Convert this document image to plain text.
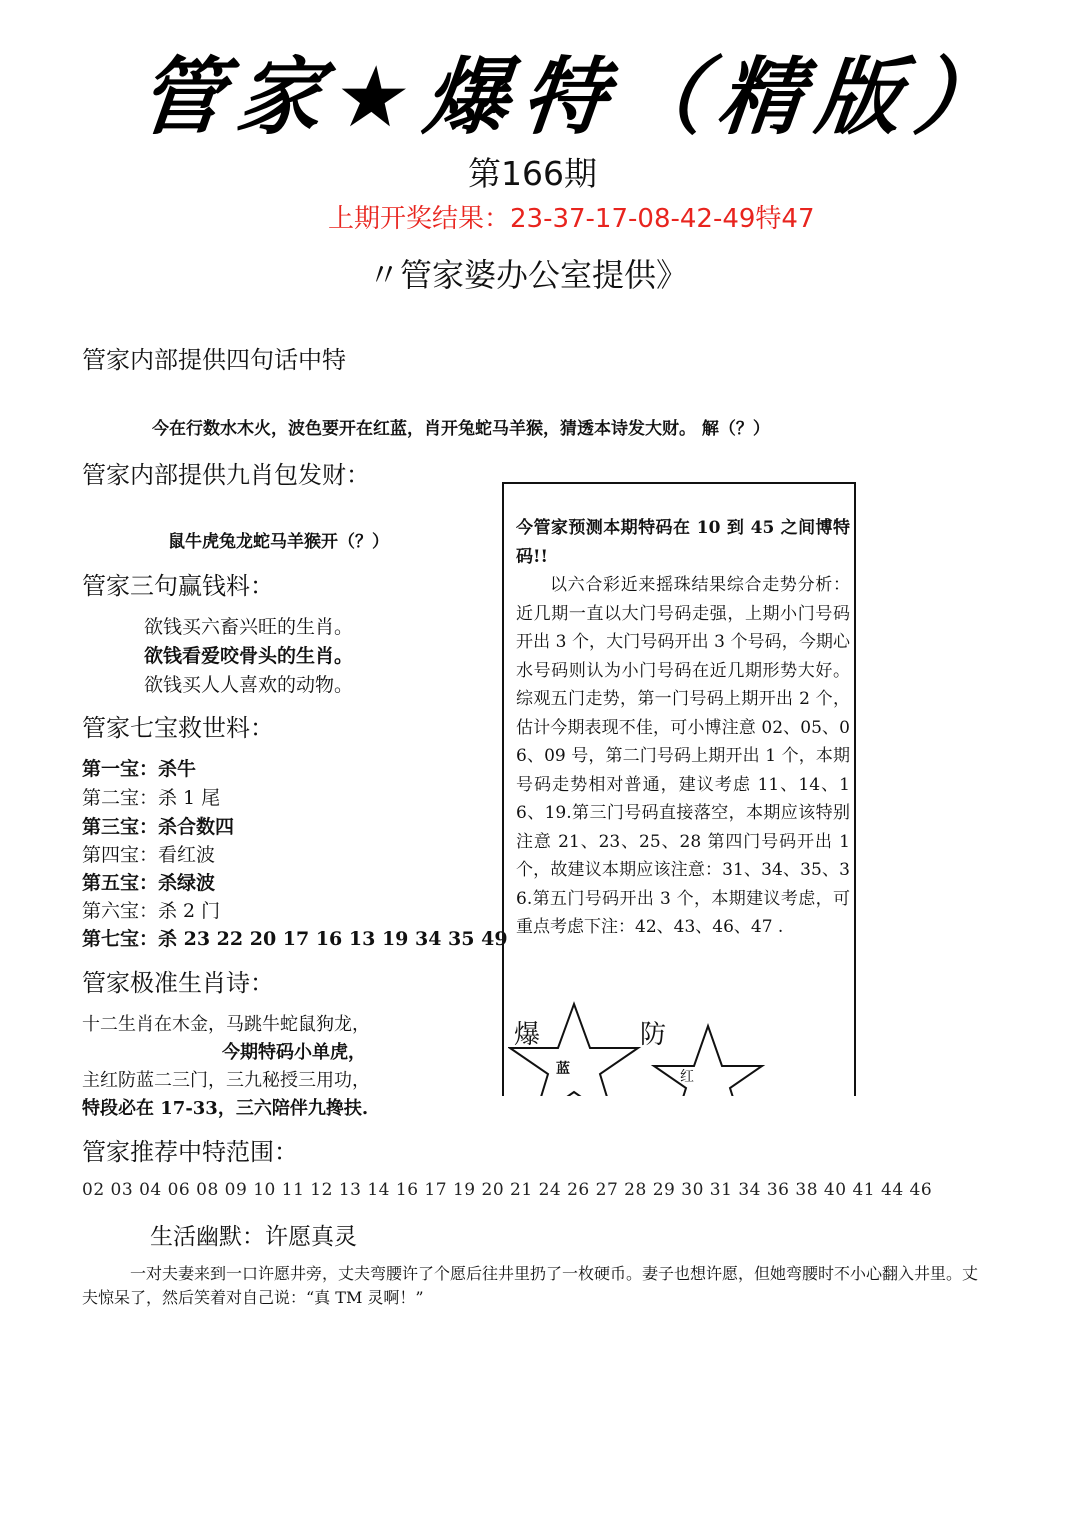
管家★爆特（精版）
第166期
上期开奖结果：23-37-17-08-42-49特47
〃管家婆办公室提供》
管家内部提供四句话中特
今在行数水木火，波色要开在红蓝，肖开兔蛇马羊猴，猜透本诗发大财。 解（？）
管家内部提供九肖包发财：
鼠牛虎兔龙蛇马羊猴开（？）
管家三句赢钱料：
欲钱买六畜兴旺的生肖。
欲钱看爱咬骨头的生肖。
欲钱买人人喜欢的动物。
管家七宝救世料：
第一宝：杀牛
第二宝：杀 1 尾
第三宝：杀合数四
第四宝：看红波
第五宝：杀绿波
第六宝：杀 2 门
第七宝：杀 23 22 20 17 16 13 19 34 35 49
管家极准生肖诗：
十二生肖在木金，马跳牛蛇鼠狗龙，
今期特码小单虎，
主红防蓝二三门，三九秘授三用功，
特段必在 17-33，三六陪伴九搀扶.

今管家预测本期特码在 10 到 45 之间博特码!!

以六合彩近来摇珠结果综合走势分析：近几期一直以大门号码走强，上期小门号码开出 3 个，大门号码开出 3 个号码，今期心水号码则认为小门号码在近几期形势大好。综观五门走势，第一门号码上期开出 2 个，估计今期表现不佳，可小博注意 02、05、06、09 号，第二门号码上期开出 1 个，本期号码走势相对普通，建议考虑 11、14、16、19.第三门号码直接落空，本期应该特别注意 21、23、25、28 第四门号码开出 1 个，故建议本期应该注意：31、34、35、36.第五门号码开出 3 个，本期建议考虑，可重点考虑下注：42、43、46、47 .

爆
蓝
防
红
管家推荐中特范围：
02 03 04 06 08 09 10 11 12 13 14 16 17 19 20 21 24 26 27 28 29 30 31 34 36 38 40 41 44 46
生活幽默：许愿真灵
一对夫妻来到一口许愿井旁，丈夫弯腰许了个愿后往井里扔了一枚硬币。妻子也想许愿，但她弯腰时不小心翻入井里。丈夫惊呆了，然后笑着对自己说：“真 TM 灵啊！”
